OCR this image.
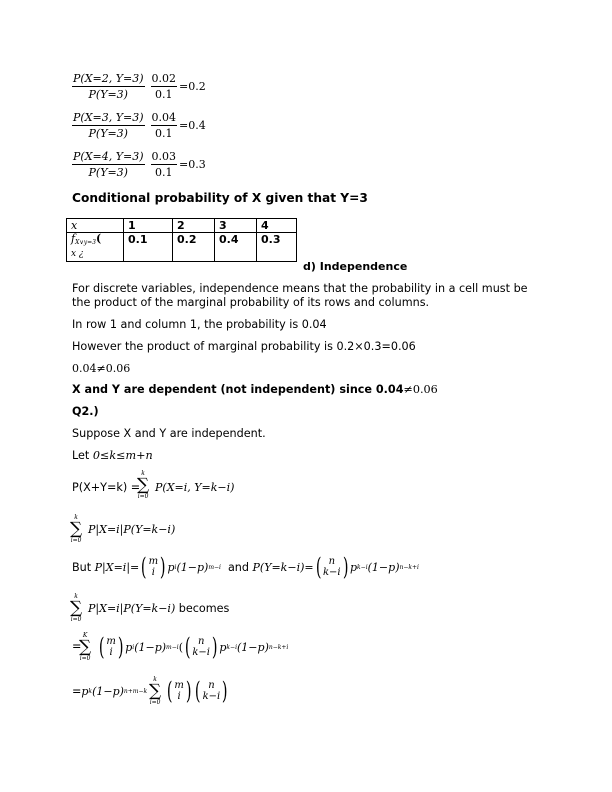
$\frac{P(X=2, Y=3)}{P(Y=3)} \frac{0.02}{0.1} =0.2$
$\frac{P(X=3, Y=3)}{P(Y=3)} \frac{0.04}{0.1} =0.4$
$\frac{P(X=4, Y=3)}{P(Y=3)} \frac{0.03}{0.1} =0.3$
Conditional probability of X given that Y=3
x	1	2	3	4

$f_{X\vee y=3}$(
x ¿	0.1	0.2	0.4	0.3
d) Independence
For discrete variables, independence means that the probability in a cell must be
the product of the marginal probability of its rows and columns.
In row 1 and column 1, the probability is 0.04
However the product of marginal probability is 0.2×0.3=0.06
0.04≠0.06
X and Y are dependent (not independent) since 0.04≠0.06
Q2.)
Suppose X and Y are independent.
Let 0≤k≤m+n
P(X+Y=k) =
k
∑
i=0
P(X=i, Y=k−i)
k
∑
i=0
P|X=i|P(Y=k−i)
But
P|X=i|= ( m
i ) p i (1−p) m−i
and
P(Y=k−i)= ( n
k−i ) p k−i (1−p) n−k+i
k
∑
i=0
P|X=i|P(Y=k−i)
becomes
=
K
∑
i=0 ( m
i ) p i (1−p) m−i ( ( n
k−i ) p k−i (1−p) n−k+i
= p k (1−p) n+m−k
k
∑
i=0 ( m
i ) ( n
k−i )
